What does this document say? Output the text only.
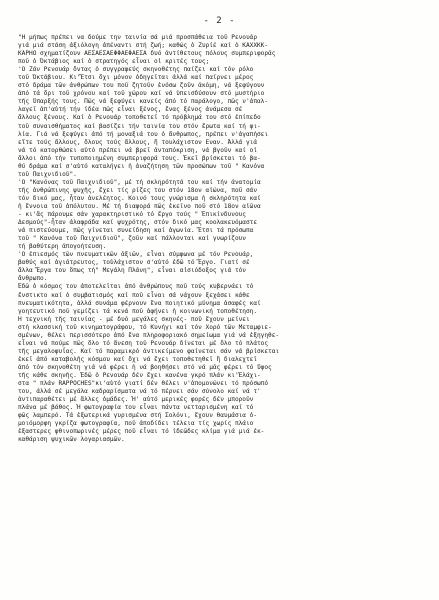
- 2 -
"Η μήπως πρέπει να δούμε την ταινία σά μιά προσπάθεια τοῦ Ρενουάρ
γιά μιά στάση ἀξιόλογη ἀπέναντι στή ζωή; καθώς ὁ Ζυρίέ καί ὁ ΚΑΧΧΚΚ-
ΚΑΡΗΟ σχηματίζουν ΑΕΣΑΕΣΑΕΦΦΑΕΦΑΕΣΑ δυό ἀντίθετους πόλους συμπεριφορᾶς
ποῦ ὁ Ὀκτάβιος καί ὁ στρατηγός εἶναι οἱ κριτές τους;
'Ο Ζάν Ρενουάρ ὄντας ὁ συγγραφεύς σκηνοθέτης παίζει καί τόν ρόλο
τοῦ Ὀκτάβιου. Κι'Ἔτσι ὄχι μόνον ὁδηγεῖται ἀλλά καί παίρνει μέρος
στό δράμα τῶν ἀνθρώπων του ποῦ ζητοῦν ἐνόσω ζοῦν ἀκόμη, νά ξεφύγουν
ἀπό τά ὄρι τοῦ χρόνου καί τοῦ χώρου καί νά ὑπεισδύσουν στό μυστήριο
τῆς ὕπαρξής τους. Πῶς νά ξεφύγει κανείς ἀπό τό παράλογο, πῶς ν'ἀπαλ-
λαγεῖ ἀπ'αὐτή τήν ἰδέα πῶς εἶναι ξένος, ἕνας ξένος ἀνάμεσα σέ
ἄλλους ξένους. Καί ὁ Ρενουάρ τοποθετεῖ τό πρόβλημά του στό ἐπίπεδο
τοῦ συναισθήματος καί βασίζει τήν ταινία του στόν ἔρωτα καί τή φι-
λία. Γιά νά ξεφύγει ἀπό τή μοναξιά του ὁ ἄνθρωπος, πρέπει ν'ἀγαπήσει
εἴτε τούς ἄλλους, ὅλους τούς ἄλλους, ἤ τουλάχιστον Εναν. Ἀλλά γιά
νά τό κατορθώσει αὐτό πρέπει νά βρεῖ ἀνταπόκριση, νά βγοῦν καί οἱ
ἄλλοι ἀπό τήν τυποποιημένη συμπεριφορά τους. Ἐκεῖ βρίσκεται τό βα-
θύ δράμα καί σ'αὐτό καταλήγει ἡ ἀναζήτηση τῶν προσώπων τοῦ " Κανόνα
τοῦ Παιχνιδιοῦ".
'Ο "Κανόνας τοῦ Παιχνιδιοῦ", μέ τή σκληρότητά του καί τήν ἀνατομία
τῆς ἀνθρώπινης ψυχῆς, ἔχει τίς ρίζες του στόν 18ον αἰώνα, ποῦ σάν
τόν δικό μας, ἦταν ἀνελέητος. Κοινό τους γνώρισμα ἡ σκληρότητα καί
ἡ ἔννοια τοῦ ἀπόλυτου. Μέ τή διαφορά πῶς ἐκεῖνο ποῦ στό 18ον αἰῶνα
- κι'ἄς πάρουμε σάν χαρακτηριστικό τό ἔργο τούς " Ἐπικίνδυνους
Δεσμούς"-ἦταν ἀλαφράδα καί ψυχρότης, στόν δικό μας κοολακευόμαστε
νά πιστεύουμε, πῶς γίνεται συνείδηση καί ἀγωνία. Ἔτσι τά πρόσωπα
τοῦ " Κανόνα τοῦ Παιχνιδιοῦ", ζοῦν καί πάλλονται καί γνωρίζουν
τή βαθύτερη ἀπογοήτευση.
'Ο ἐπιεσμός τῶν πνευματικῶν ἀξιῶν, εἶναι σύμφωνα μέ τόν Ρενουάρ,
βαθύς καί ἀγιάτρευτος, τοὐλάχιστον σ'αὐτό ἐδῶ τό Ἔργο. Γιατί σέ
ἄλλα Ἔργα του ὅπως τή" Μεγάλη Πλάνη", εἶναι αἰσιόδοξος γιά τόν
ἄνθρωπο.
Ἐδῶ ὁ κόσμος του ἀποτελεῖται ἀπό ἀνθρώπους ποῦ τούς κυβερνάει τό
ἔνστικτο καί ὁ συμβατισμός καί ποῦ εἶναι σά νάχουν ξεχάσει κάθε
πνευματικότητα, ἀλλά συνάμα φέρνουν ἕνα ποιητικό μύνημα ἀσαφές καί
γοητευτικό ποῦ γεμίζει τά κενά ποῦ ἀφήνει ἡ κοινωνική τοποθέτηση.
Ἡ τεχνική τῆς ταινίας - μέ δυό μεγάλες σκηνές- ποῦ ἔχουν μείνει
στή κλασσική τοῦ κινηματογράφου, τό Κυνήγι καί τόν Χορό τῶν Μεταμφιε-
σμένων, θέλει περισσότερο ἀπό ἕνα πληροφοριακό σημείωμα γιά νά ἐξηγηθε-
εἶναι νά πούμε πῶς ὅλο τό ἄνεση τοῦ Ρενουάρ δίνεται μέ ὅλο τό πλάτος
τῆς μεγαλοφυΐας. Καί τό παραμικρό ἀντικείμενο φαίνεται σάν νά βρίσκεται
ἐκεῖ ἀπό καταβολῆς κόσμου καί ὄχι νά ἔχει τοποθετηθεῖ ἢ διαλεχτεῖ
ἀπό τόν σκηνοθέτη γιά νά φέρει ἡ νά βοηθήσει στό νά μᾶς φέρει τό ὕφος
τῆς κάθε σκηνῆς. Ἐδῶ ὁ Ρενουάρ δέν ἔχει κανένα γκρό πλάν κι'Ἐλάχι-
στα " πλάν RAPPOCHES"κι'αὐτό γιατί δέν θέλει ν'ἀπομονώνει τό πρόσωπό
του, ἀλλά σέ μεγάλα καδραρίσματα νά τό πέρνει σάν σύνολο καί νά τ'
ἀντιπαραθέτει μέ ἄλλες ὁμάδες. Ἡ' αὐτό μερικές φορές δέν μποροῦν
πλάνα μέ βάθος. Ἡ φωτογραφία του εἶναι πάντα νετταρισμένη καί τό
φῶς λαμπερό. Τά ἐξωτερικά γυρισμένα στή Σολόνι, ἔχουν θαυμάσια ὁ-
μοιόμορφη γκρίζα φωτογραφία, ποῦ ἀποδίδει τέλεια τίς χωρίς πλάιο
ἐξαστερες φθινοπωρινές μέρες ποῦ εἶναι τό ἰδεῶδες κλίμα γιά μιά ἐκ-
καθάριση ψυχικῶν λογαριασμῶν.
